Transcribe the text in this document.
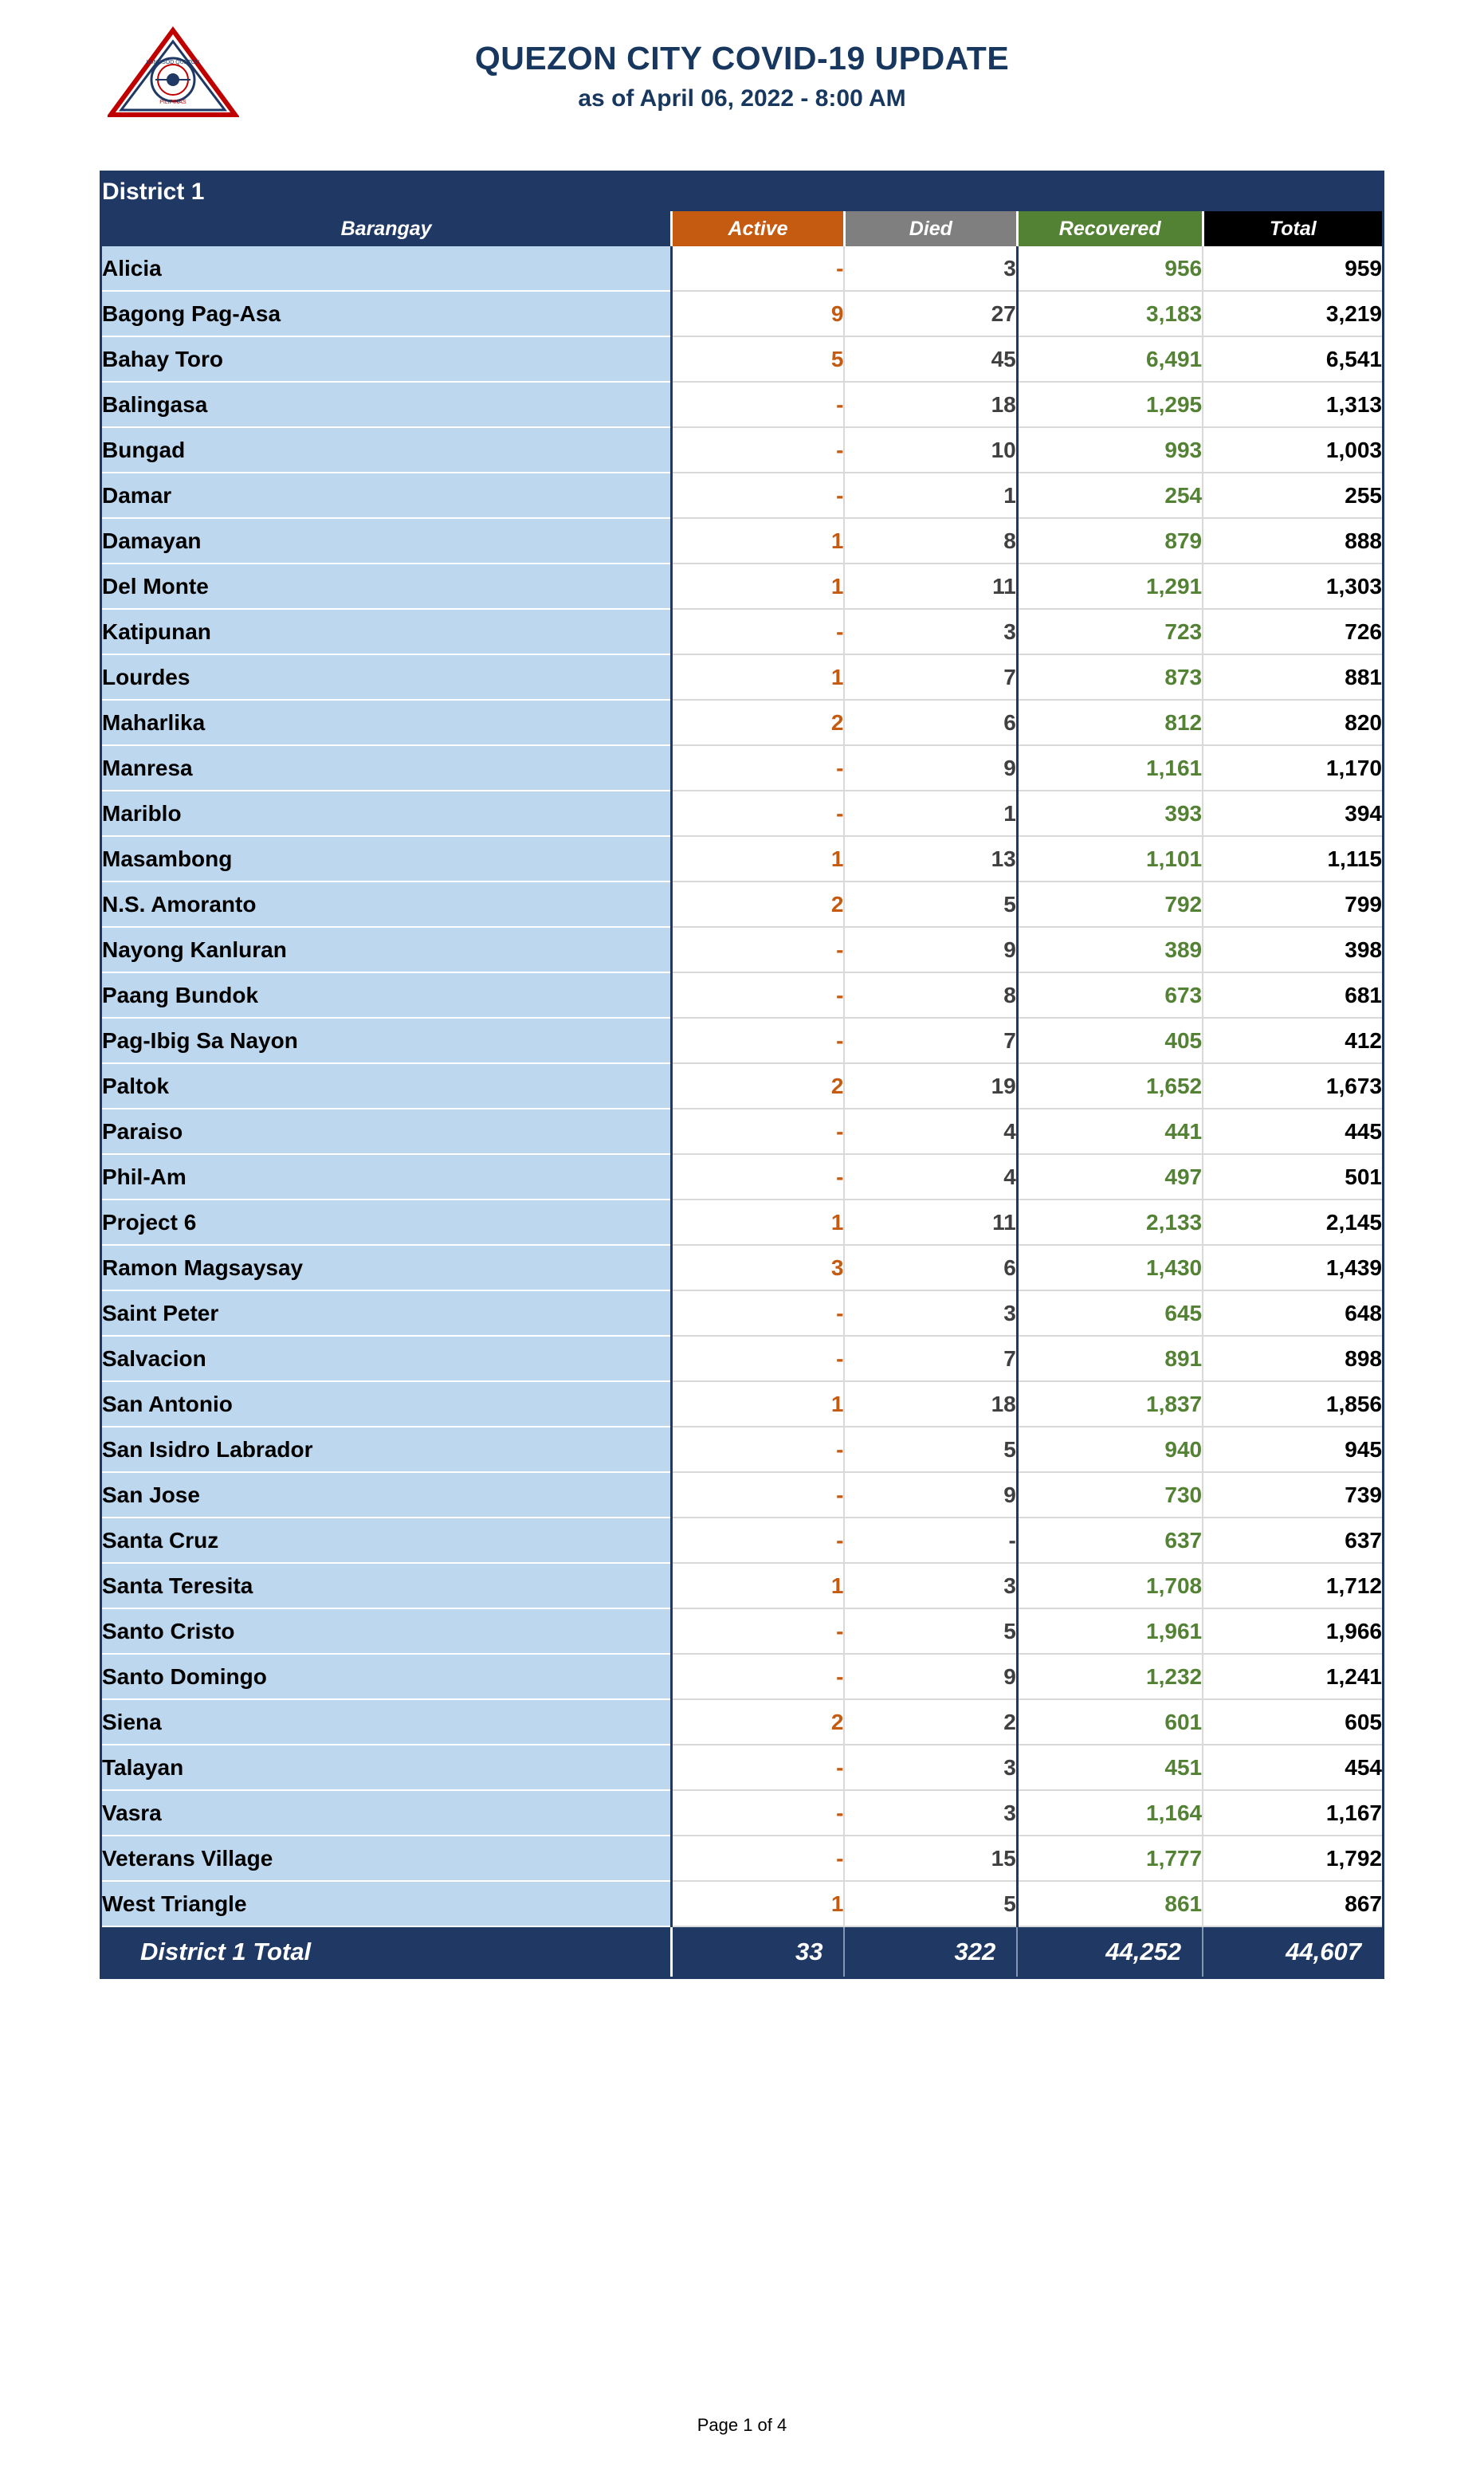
LUNGSOD QUEZON
PILIPINAS
QUEZON CITY COVID-19 UPDATE
as of April 06, 2022 - 8:00 AM
District 1				
Barangay	Active	Died	Recovered	Total
Alicia	-	3	956	959
Bagong Pag-Asa	9	27	3,183	3,219
Bahay Toro	5	45	6,491	6,541
Balingasa	-	18	1,295	1,313
Bungad	-	10	993	1,003
Damar	-	1	254	255
Damayan	1	8	879	888
Del Monte	1	11	1,291	1,303
Katipunan	-	3	723	726
Lourdes	1	7	873	881
Maharlika	2	6	812	820
Manresa	-	9	1,161	1,170
Mariblo	-	1	393	394
Masambong	1	13	1,101	1,115
N.S. Amoranto	2	5	792	799
Nayong Kanluran	-	9	389	398
Paang Bundok	-	8	673	681
Pag-Ibig Sa Nayon	-	7	405	412
Paltok	2	19	1,652	1,673
Paraiso	-	4	441	445
Phil-Am	-	4	497	501
Project 6	1	11	2,133	2,145
Ramon Magsaysay	3	6	1,430	1,439
Saint Peter	-	3	645	648
Salvacion	-	7	891	898
San Antonio	1	18	1,837	1,856
San Isidro Labrador	-	5	940	945
San Jose	-	9	730	739
Santa Cruz	-	-	637	637
Santa Teresita	1	3	1,708	1,712
Santo Cristo	-	5	1,961	1,966
Santo Domingo	-	9	1,232	1,241
Siena	2	2	601	605
Talayan	-	3	451	454
Vasra	-	3	1,164	1,167
Veterans Village	-	15	1,777	1,792
West Triangle	1	5	861	867
District 1 Total	33	322	44,252	44,607
Page 1 of 4
